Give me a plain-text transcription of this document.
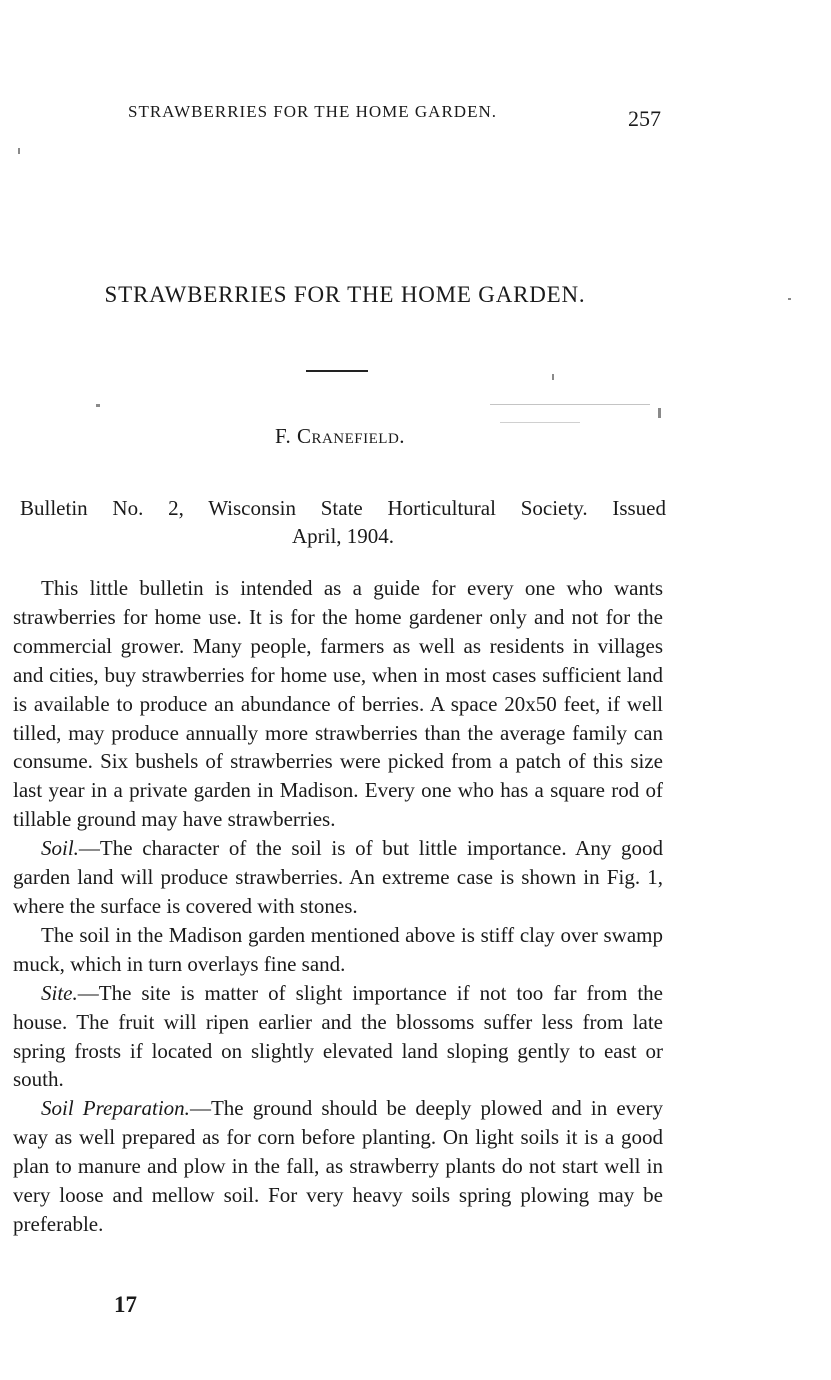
STRAWBERRIES FOR THE HOME GARDEN.	257
STRAWBERRIES FOR THE HOME GARDEN.
F. Cranefield.
Bulletin No. 2, Wisconsin State Horticultural Society. Issued
April, 1904.

This little bulletin is intended as a guide for every one who wants strawberries for home use. It is for the home gardener only and not for the commercial grower. Many people, farmers as well as residents in villages and cities, buy strawberries for home use, when in most cases sufficient land is available to produce an abundance of berries. A space 20x50 feet, if well tilled, may produce annually more strawberries than the average family can consume. Six bushels of strawberries were picked from a patch of this size last year in a private garden in Madison. Every one who has a square rod of tillable ground may have strawberries.

Soil.—The character of the soil is of but little importance. Any good garden land will produce strawberries. An extreme case is shown in Fig. 1, where the surface is covered with stones.

The soil in the Madison garden mentioned above is stiff clay over swamp muck, which in turn overlays fine sand.

Site.—The site is matter of slight importance if not too far from the house. The fruit will ripen earlier and the blossoms suffer less from late spring frosts if located on slightly elevated land sloping gently to east or south.

Soil Preparation.—The ground should be deeply plowed and in every way as well prepared as for corn before planting. On light soils it is a good plan to manure and plow in the fall, as strawberry plants do not start well in very loose and mellow soil. For very heavy soils spring plowing may be preferable.

17
